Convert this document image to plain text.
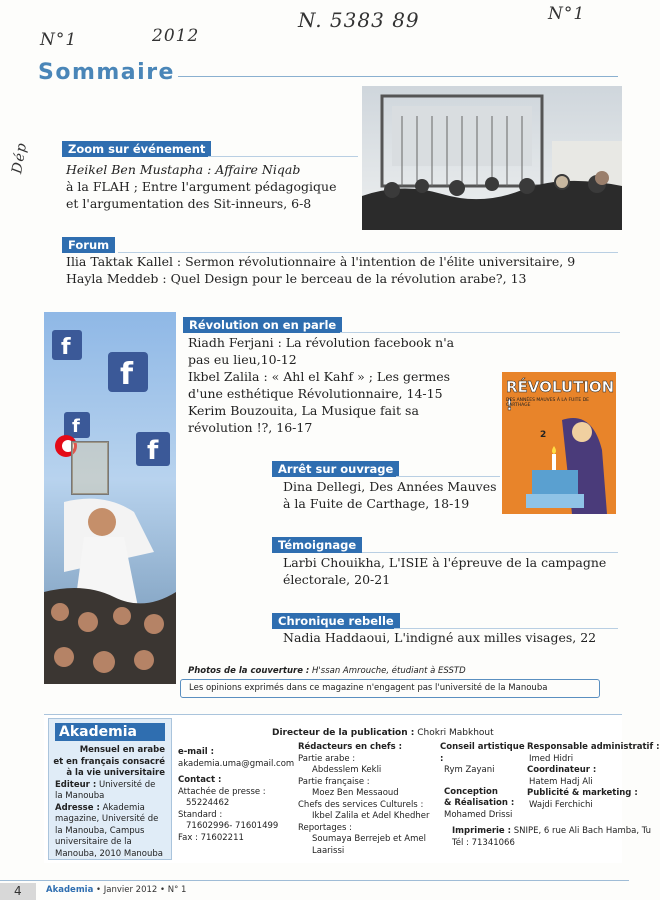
N°1	2012
N. 5383 89	N°1
Dép
Sommaire
Zoom sur événement
Heikel Ben Mustapha : Affaire Niqab
à la FLAH ; Entre l'argument pédagogique
et l'argumentation des Sit-inneurs, 6-8
Forum
Ilia Taktak Kallel : Sermon révolutionnaire à l'intention de l'élite universitaire, 9
Hayla Meddeb : Quel Design pour le berceau de la révolution arabe?, 13
f
f
f
f
Révolution on en parle
Riadh Ferjani : La révolution facebook n'a
pas eu lieu,10-12
Ikbel Zalila : « Ahl el Kahf » ; Les germes
d'une esthétique Révolutionnaire, 14-15
Kerim Bouzouita, La Musique fait sa
révolution !?, 16-17
RÉVOLUTION !
DES ANNÉES MAUVES À LA FUITE DE CARTHAGE
2
Arrêt sur ouvrage
Dina Dellegi, Des Années Mauves
à la Fuite de Carthage, 18-19
Témoignage
Larbi Chouikha, L'ISIE à l'épreuve de la campagne
électorale, 20-21
Chronique rebelle
Nadia Haddaoui, L'indigné aux milles visages, 22
Photos de la couverture : H'ssan Amrouche, étudiant à ESSTD
Les opinions exprimés dans ce magazine n'engagent pas l'université de la Manouba
Akademia
Mensuel en arabe
et en français consacré
à la vie universitaire
Editeur : Université de la Manouba
Adresse : Akademia magazine, Université de la Manouba, Campus universitaire de la Manouba, 2010 Manouba
Directeur de la publication : Chokri Mabkhout
e-mail :
akademia.uma@gmail.com
Contact :
Attachée de presse :
55224462
Standard :
71602996- 71601499
Fax : 71602211
Rédacteurs en chefs :
Partie arabe :
Abdesslem Kekli
Partie française :
Moez Ben Messaoud
Chefs des services Culturels :
Ikbel Zalila et Adel Khedher
Reportages :
Soumaya Berrejeb et Amel Laarissi
Conseil artistique :
Rym Zayani
Conception
& Réalisation :
Mohamed Drissi
Responsable administratif :
Imed Hidri
Coordinateur :
Hatem Hadj Ali
Publicité & marketing :
Wajdi Ferchichi
Imprimerie : SNIPE, 6 rue Ali Bach Hamba, Tu
Tél : 71341066
4	Akademia • Janvier 2012 • N° 1
